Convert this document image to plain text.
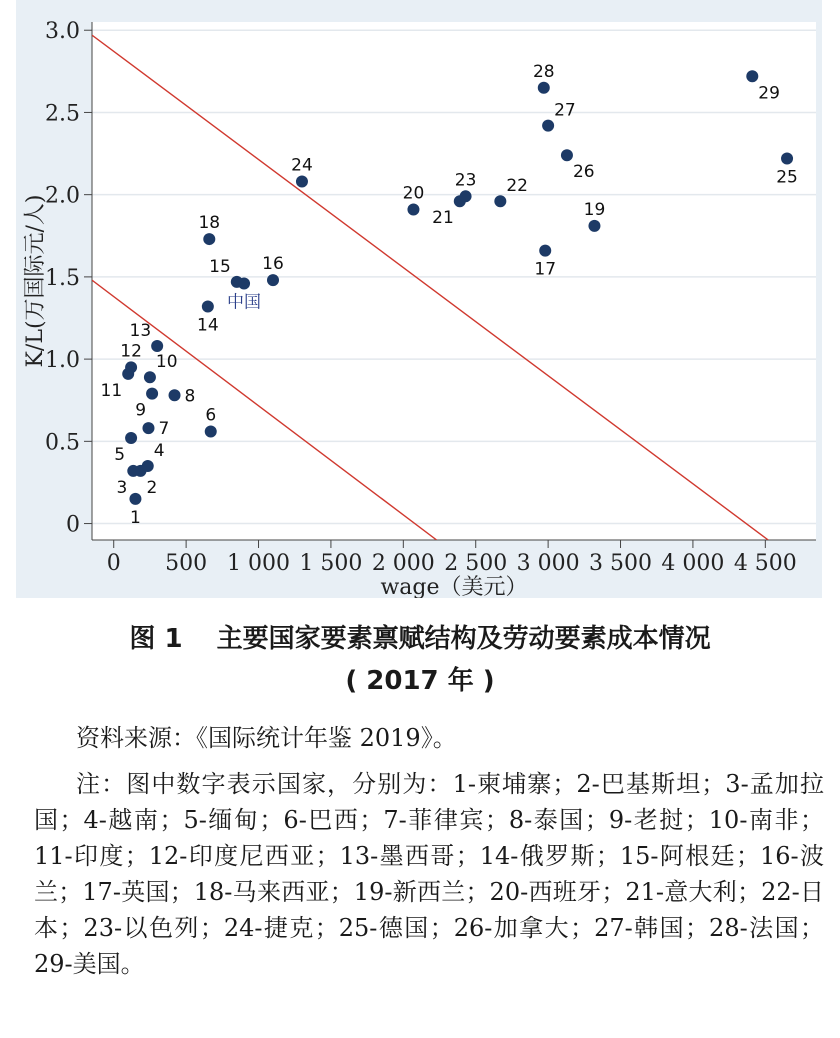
0
0.5
1.0
1.5
2.0
2.5
3.0
0 500 1 000 1 500 2 000 2 500 3 000 3 500 4 000 4 500
wage（美元）
K/L(万国际元/人)
1
2
3
4
5
6
7
8
9
10
11
12
13	14
15 16	17
18
19
20
21
22
23
24
25
26
27
28
29
中国
图 1 主要国家要素禀赋结构及劳动要素成本情况
( 2017 年 )
资料来源：《国际统计年鉴 2019》。
注：图中数字表示国家，分别为：1-柬埔寨；2-巴基斯坦；3-孟加拉国；4-越南；5-缅甸；6-巴西；7-菲律宾；8-泰国；9-老挝；10-南非；11-印度；12-印度尼西亚；13-墨西哥；14-俄罗斯；15-阿根廷；16-波兰；17-英国；18-马来西亚；19-新西兰；20-西班牙；21-意大利；22-日本；23-以色列；24-捷克；25-德国；26-加拿大；27-韩国；28-法国；29-美国。
